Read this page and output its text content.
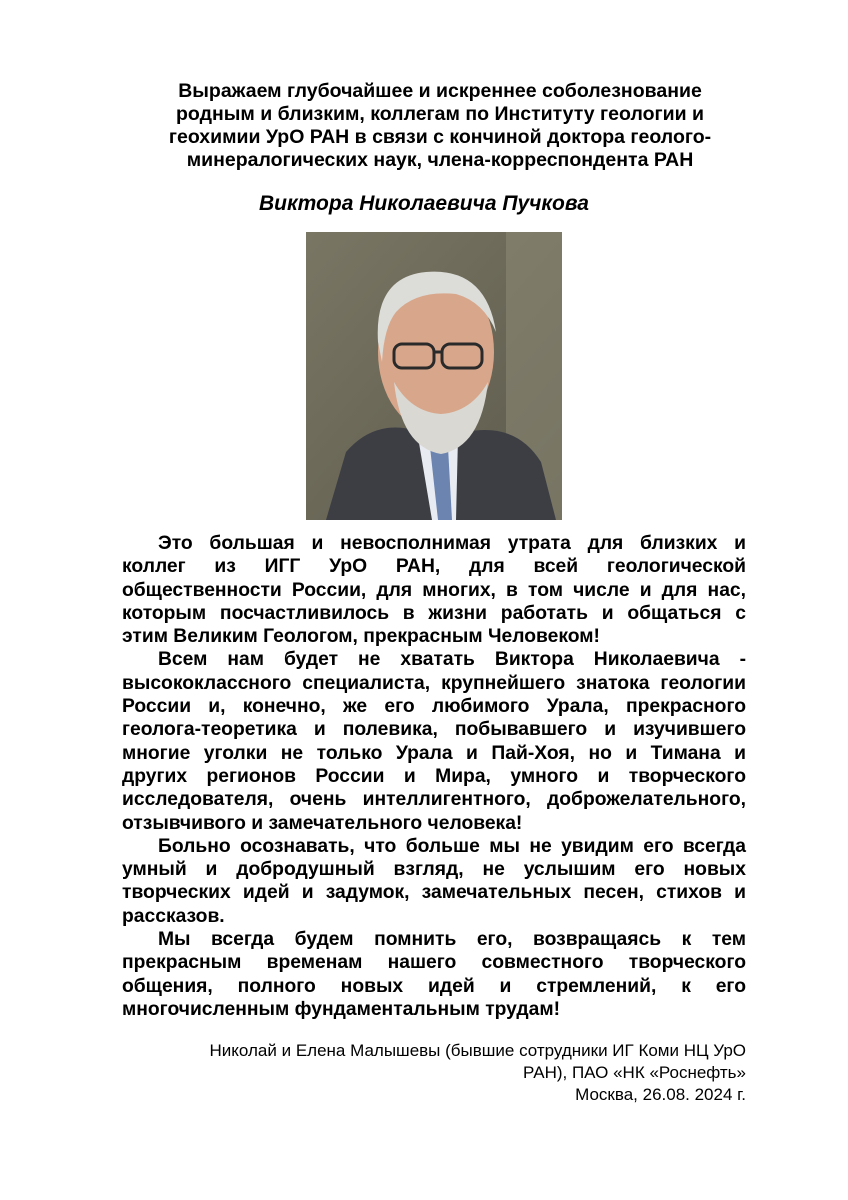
Выражаем глубочайшее и искреннее соболезнование
родным и близким, коллегам по Институту геологии и
геохимии УрО РАН в связи с кончиной доктора геолого-
минералогических наук, члена-корреспондента РАН
Виктора Николаевича Пучкова
Это большая и невосполнимая утрата для близких и
коллег из ИГГ УрО РАН, для всей геологической
общественности России, для многих, в том числе и для нас,
которым посчастливилось в жизни работать и общаться с
этим Великим Геологом, прекрасным Человеком!
Всем нам будет не хватать Виктора Николаевича -
высококлассного специалиста, крупнейшего знатока геологии
России и, конечно, же его любимого Урала, прекрасного
геолога-теоретика и полевика, побывавшего и изучившего
многие уголки не только Урала и Пай-Хоя, но и Тимана и
других регионов России и Мира, умного и творческого
исследователя, очень интеллигентного, доброжелательного,
отзывчивого и замечательного человека!
Больно осознавать, что больше мы не увидим его всегда
умный и добродушный взгляд, не услышим его новых
творческих идей и задумок, замечательных песен, стихов и
рассказов.
Мы всегда будем помнить его, возвращаясь к тем
прекрасным временам нашего совместного творческого
общения, полного новых идей и стремлений, к его
многочисленным фундаментальным трудам!
Николай и Елена Малышевы (бывшие сотрудники ИГ Коми НЦ УрО
РАН), ПАО «НК «Роснефть»
Москва, 26.08. 2024 г.
